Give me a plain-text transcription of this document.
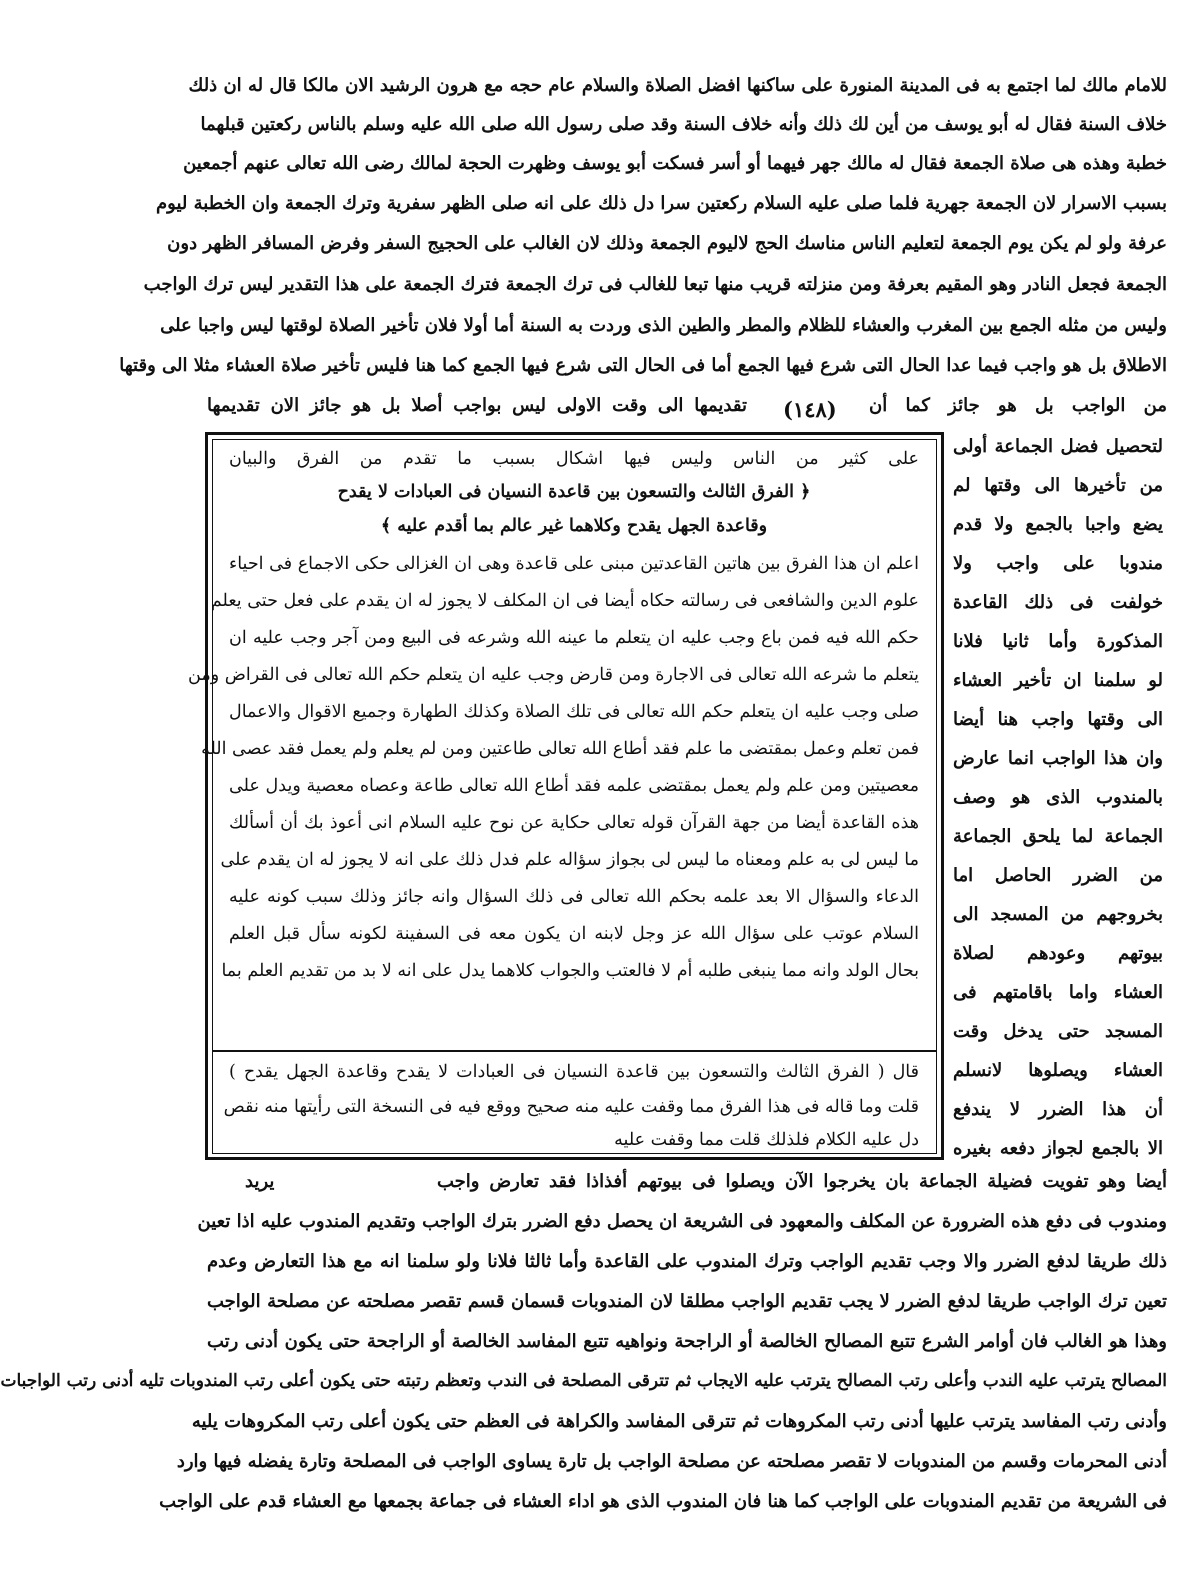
للامام مالك لما اجتمع به فى المدينة المنورة على ساكنها افضل الصلاة والسلام عام حجه مع هرون الرشيد الان مالكا قال له ان ذلك
خلاف السنة فقال له أبو يوسف من أين لك ذلك وأنه خلاف السنة وقد صلى رسول الله صلى الله عليه وسلم بالناس ركعتين قبلهما
خطبة وهذه هى صلاة الجمعة فقال له مالك جهر فيهما أو أسر فسكت أبو يوسف وظهرت الحجة لمالك رضى الله تعالى عنهم أجمعين
بسبب الاسرار لان الجمعة جهرية فلما صلى عليه السلام ركعتين سرا دل ذلك على انه صلى الظهر سفرية وترك الجمعة وان الخطبة ليوم
عرفة ولو لم يكن يوم الجمعة لتعليم الناس مناسك الحج لاليوم الجمعة وذلك لان الغالب على الحجيج السفر وفرض المسافر الظهر دون
الجمعة فجعل النادر وهو المقيم بعرفة ومن منزلته قريب منها تبعا للغالب فى ترك الجمعة فترك الجمعة على هذا التقدير ليس ترك الواجب
وليس من مثله الجمع بين المغرب والعشاء للظلام والمطر والطين الذى وردت به السنة أما أولا فلان تأخير الصلاة لوقتها ليس واجبا على
الاطلاق بل هو واجب فيما عدا الحال التى شرع فيها الجمع أما فى الحال التى شرع فيها الجمع كما هنا فليس تأخير صلاة العشاء مثلا الى وقتها
من الواجب بل هو جائز كما أن
(١٤٨)
تقديمها الى وقت الاولى ليس بواجب أصلا بل هو جائز الان تقديمها
على كثير من الناس وليس فيها اشكال بسبب ما تقدم من الفرق والبيان
﴿ الفرق الثالث والتسعون بين قاعدة النسيان فى العبادات لا يقدح
وقاعدة الجهل يقدح وكلاهما غير عالم بما أقدم عليه ﴾
اعلم ان هذا الفرق بين هاتين القاعدتين مبنى على قاعدة وهى ان الغزالى حكى الاجماع فى احياء
علوم الدين والشافعى فى رسالته حكاه أيضا فى ان المكلف لا يجوز له ان يقدم على فعل حتى يعلم
حكم الله فيه فمن باع وجب عليه ان يتعلم ما عينه الله وشرعه فى البيع ومن آجر وجب عليه ان
يتعلم ما شرعه الله تعالى فى الاجارة ومن قارض وجب عليه ان يتعلم حكم الله تعالى فى القراض ومن
صلى وجب عليه ان يتعلم حكم الله تعالى فى تلك الصلاة وكذلك الطهارة وجميع الاقوال والاعمال
فمن تعلم وعمل بمقتضى ما علم فقد أطاع الله تعالى طاعتين ومن لم يعلم ولم يعمل فقد عصى الله
معصيتين ومن علم ولم يعمل بمقتضى علمه فقد أطاع الله تعالى طاعة وعصاه معصية ويدل على
هذه القاعدة أيضا من جهة القرآن قوله تعالى حكاية عن نوح عليه السلام انى أعوذ بك أن أسألك
ما ليس لى به علم ومعناه ما ليس لى بجواز سؤاله علم فدل ذلك على انه لا يجوز له ان يقدم على
الدعاء والسؤال الا بعد علمه بحكم الله تعالى فى ذلك السؤال وانه جائز وذلك سبب كونه عليه
السلام عوتب على سؤال الله عز وجل لابنه ان يكون معه فى السفينة لكونه سأل قبل العلم
بحال الولد وانه مما ينبغى طلبه أم لا فالعتب والجواب كلاهما يدل على انه لا بد من تقديم العلم بما
قال ( الفرق الثالث والتسعون بين قاعدة النسيان فى العبادات لا يقدح وقاعدة الجهل يقدح )
قلت وما قاله فى هذا الفرق مما وقفت عليه منه صحيح ووقع فيه فى النسخة التى رأيتها منه نقص
دل عليه الكلام فلذلك قلت مما وقفت عليه
لتحصيل فضل الجماعة أولى
من تأخيرها الى وقتها لم
يضع واجبا بالجمع ولا قدم
مندوبا على واجب ولا
خولفت فى ذلك القاعدة
المذكورة وأما ثانيا فلانا
لو سلمنا ان تأخير العشاء
الى وقتها واجب هنا أيضا
وان هذا الواجب انما عارض
بالمندوب الذى هو وصف
الجماعة لما يلحق الجماعة
من الضرر الحاصل اما
بخروجهم من المسجد الى
بيوتهم وعودهم لصلاة
العشاء واما باقامتهم فى
المسجد حتى يدخل وقت
العشاء ويصلوها لانسلم
أن هذا الضرر لا يندفع
الا بالجمع لجواز دفعه بغيره
أيضا وهو تفويت فضيلة الجماعة بان يخرجوا الآن ويصلوا فى بيوتهم أفذاذا فقد تعارض واجب
يريد
ومندوب فى دفع هذه الضرورة عن المكلف والمعهود فى الشريعة ان يحصل دفع الضرر بترك الواجب وتقديم المندوب عليه اذا تعين
ذلك طريقا لدفع الضرر والا وجب تقديم الواجب وترك المندوب على القاعدة وأما ثالثا فلانا ولو سلمنا انه مع هذا التعارض وعدم
تعين ترك الواجب طريقا لدفع الضرر لا يجب تقديم الواجب مطلقا لان المندوبات قسمان قسم تقصر مصلحته عن مصلحة الواجب
وهذا هو الغالب فان أوامر الشرع تتبع المصالح الخالصة أو الراجحة ونواهيه تتبع المفاسد الخالصة أو الراجحة حتى يكون أدنى رتب
المصالح يترتب عليه الندب وأعلى رتب المصالح يترتب عليه الايجاب ثم تترقى المصلحة فى الندب وتعظم رتبته حتى يكون أعلى رتب المندوبات تليه أدنى رتب الواجبات
وأدنى رتب المفاسد يترتب عليها أدنى رتب المكروهات ثم تترقى المفاسد والكراهة فى العظم حتى يكون أعلى رتب المكروهات يليه
أدنى المحرمات وقسم من المندوبات لا تقصر مصلحته عن مصلحة الواجب بل تارة يساوى الواجب فى المصلحة وتارة يفضله فيها وارد
فى الشريعة من تقديم المندوبات على الواجب كما هنا فان المندوب الذى هو اداء العشاء فى جماعة بجمعها مع العشاء قدم على الواجب
